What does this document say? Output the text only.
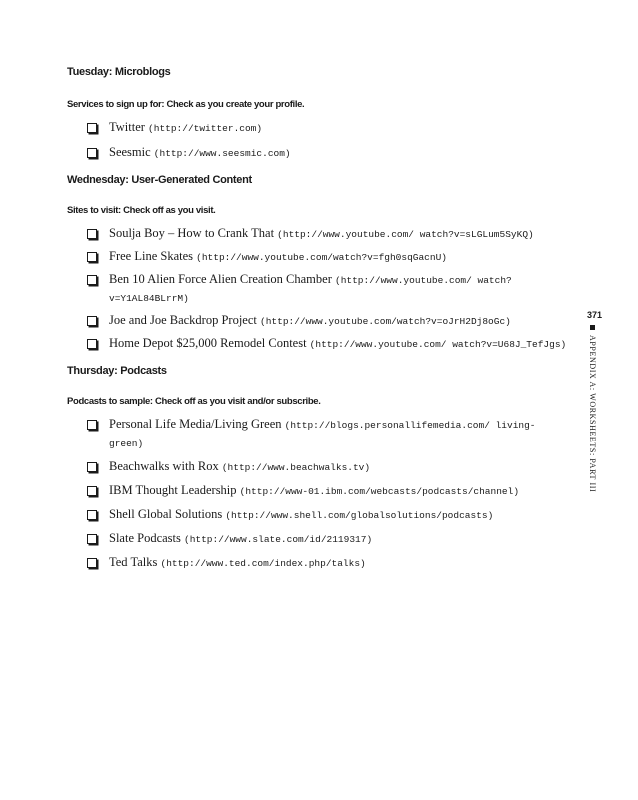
Tuesday: Microblogs

Services to sign up for: Check as you create your profile.

Twitter (http://twitter.com)
Seesmic (http://www.seesmic.com)

Wednesday: User-Generated Content

Sites to visit: Check off as you visit.

Soulja Boy – How to Crank That (http://www.youtube.com/ watch?v=sLGLum5SyKQ)
Free Line Skates (http://www.youtube.com/watch?v=fgh0sqGacnU)
Ben 10 Alien Force Alien Creation Chamber (http://www.youtube.com/ watch?v=Y1AL84BLrrM)
Joe and Joe Backdrop Project (http://www.youtube.com/watch?v=oJrH2Dj8oGc)
Home Depot $25,000 Remodel Contest (http://www.youtube.com/ watch?v=U68J_TefJgs)

Thursday: Podcasts

Podcasts to sample: Check off as you visit and/or subscribe.

Personal Life Media/Living Green (http://blogs.personallifemedia.com/ living-green)
Beachwalks with Rox (http://www.beachwalks.tv)
IBM Thought Leadership (http://www-01.ibm.com/webcasts/podcasts/channel)
Shell Global Solutions (http://www.shell.com/globalsolutions/podcasts)
Slate Podcasts (http://www.slate.com/id/2119317)
Ted Talks (http://www.ted.com/index.php/talks)
371
APPENDIX A: WORKSHEETS: PART III
